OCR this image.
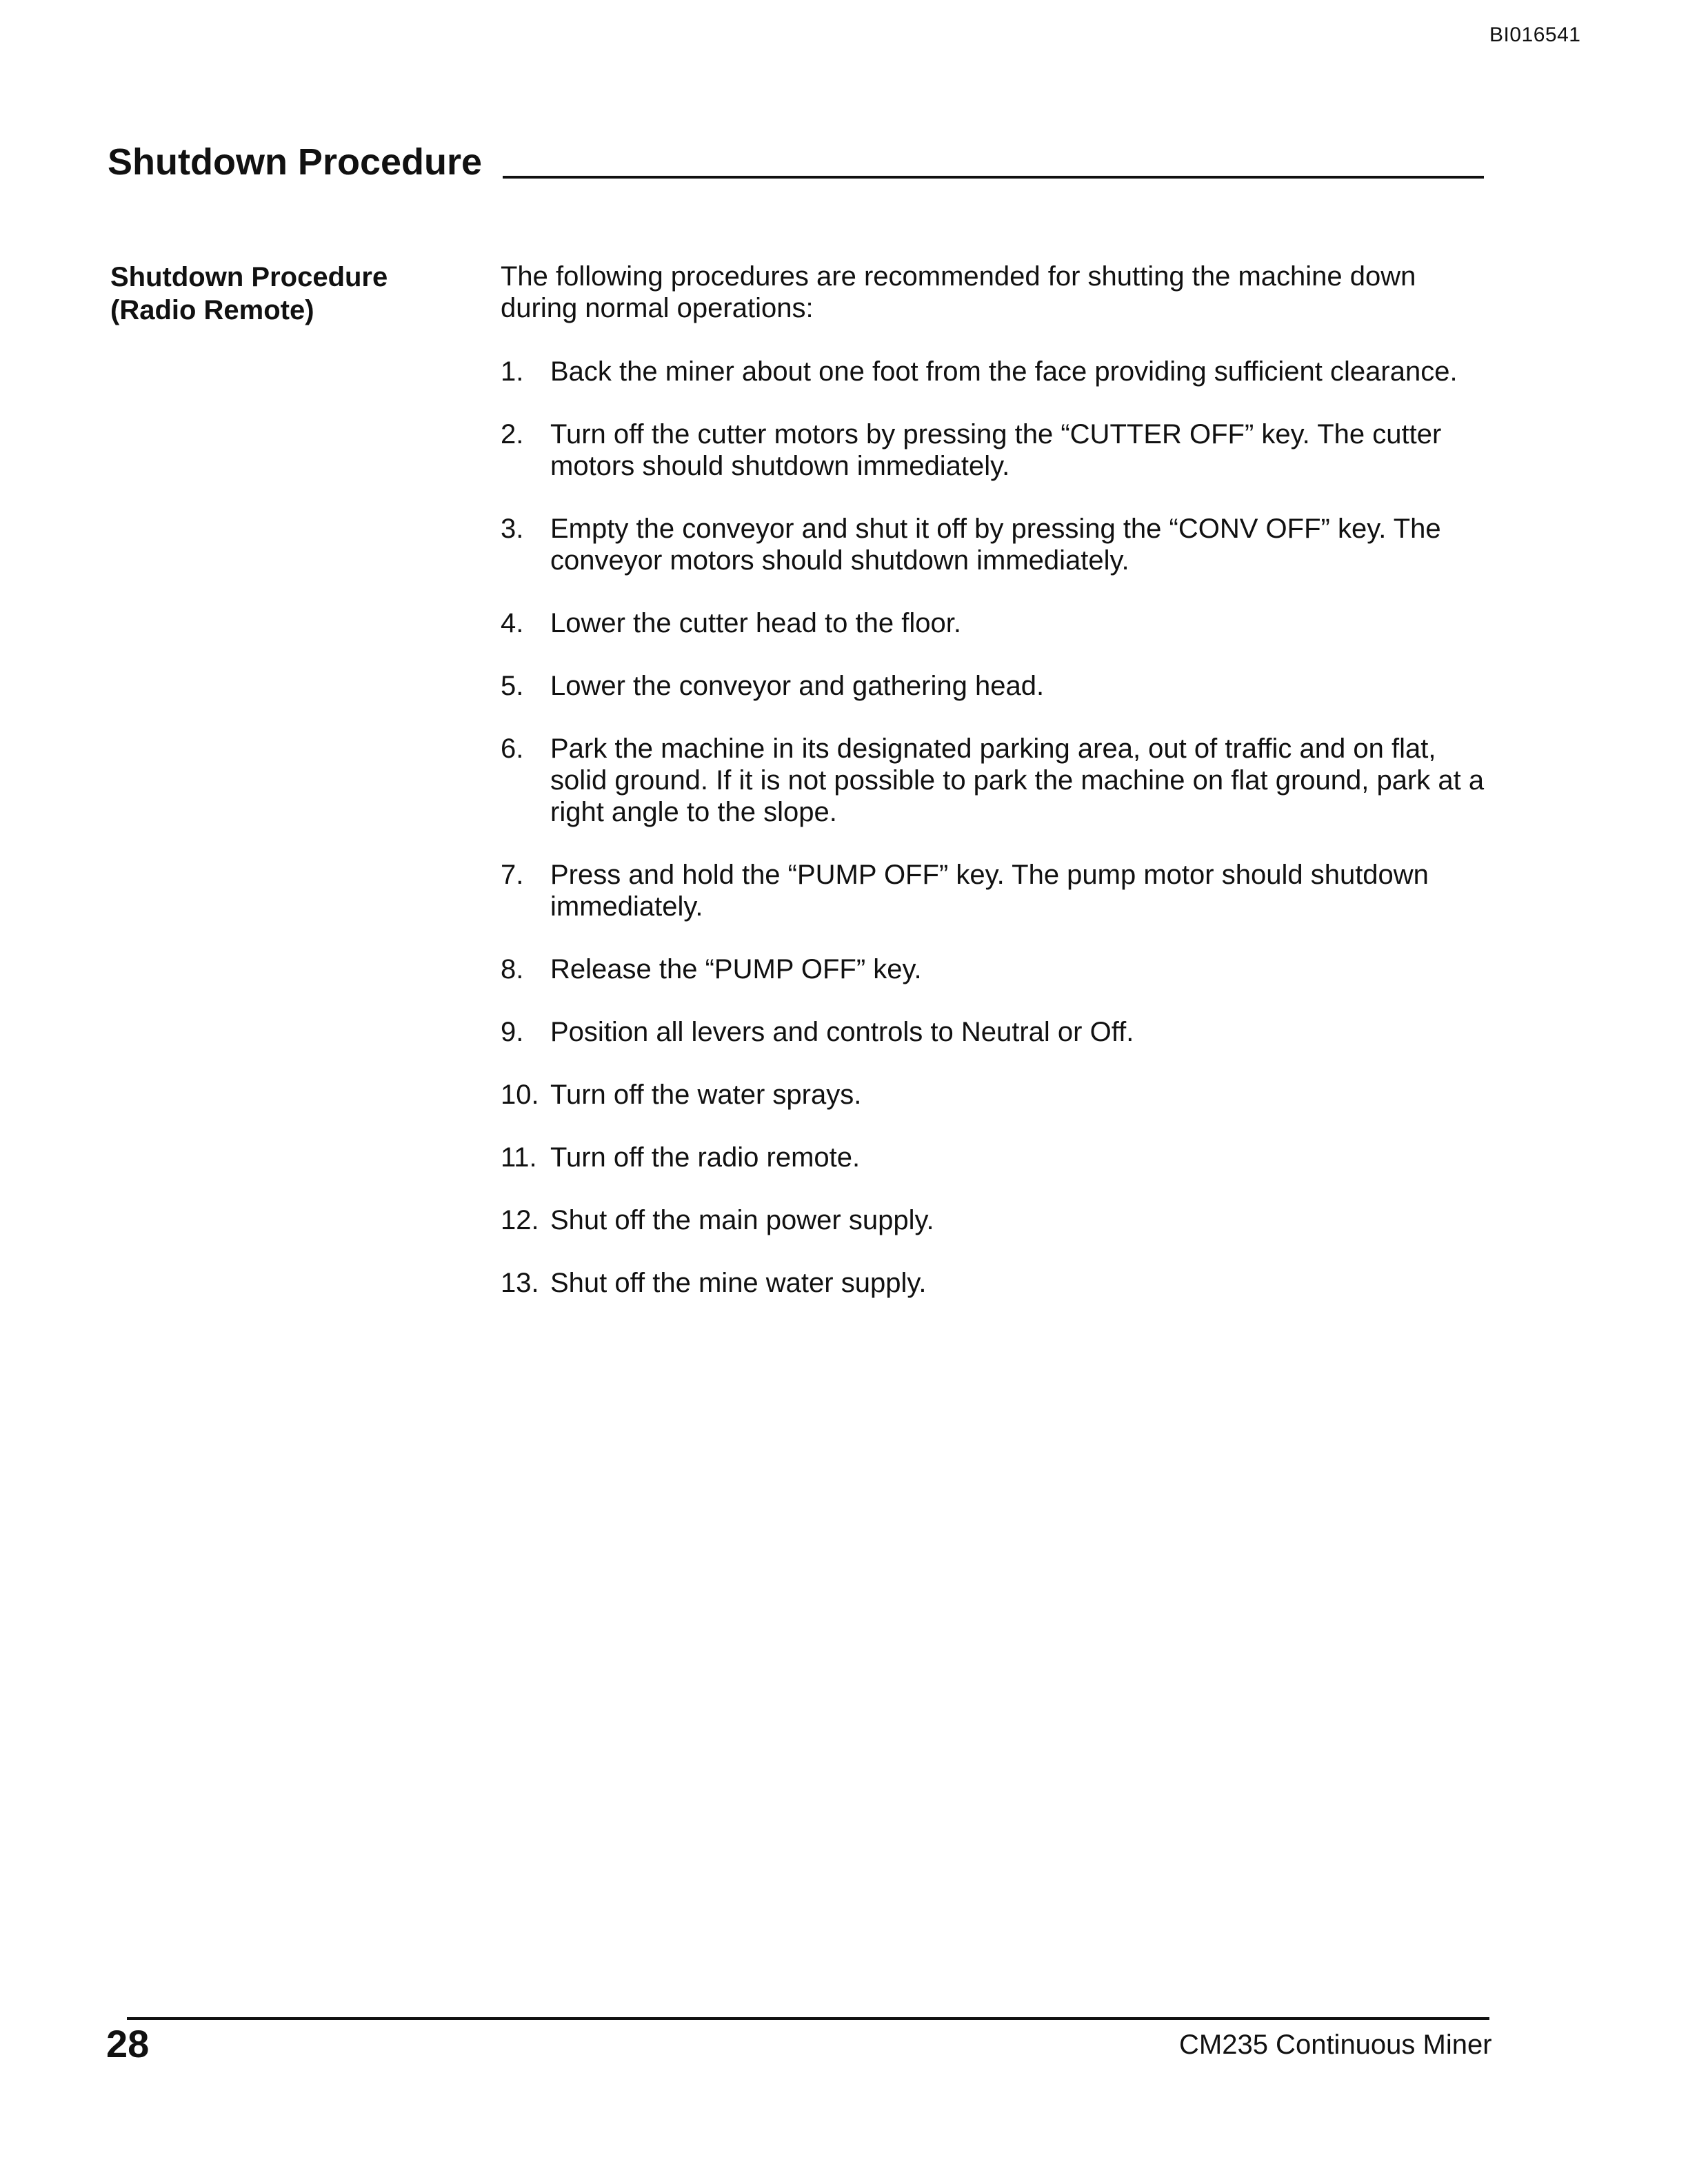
BI016541
Shutdown Procedure
Shutdown Procedure
(Radio Remote)

The following procedures are recommended for shutting the machine down during normal operations:

1. Back the miner about one foot from the face providing sufficient clearance.
2. Turn off the cutter motors by pressing the “CUTTER OFF” key. The cutter motors should shutdown immediately.
3. Empty the conveyor and shut it off by pressing the “CONV OFF” key. The conveyor motors should shutdown immediately.
4. Lower the cutter head to the floor.
5. Lower the conveyor and gathering head.
6. Park the machine in its designated parking area, out of traffic and on flat, solid ground. If it is not possible to park the machine on flat ground, park at a right angle to the slope.
7. Press and hold the “PUMP OFF” key. The pump motor should shutdown immediately.
8. Release the “PUMP OFF” key.
9. Position all levers and controls to Neutral or Off.
10. Turn off the water sprays.
11. Turn off the radio remote.
12. Shut off the main power supply.
13. Shut off the mine water supply.
28	CM235 Continuous Miner
